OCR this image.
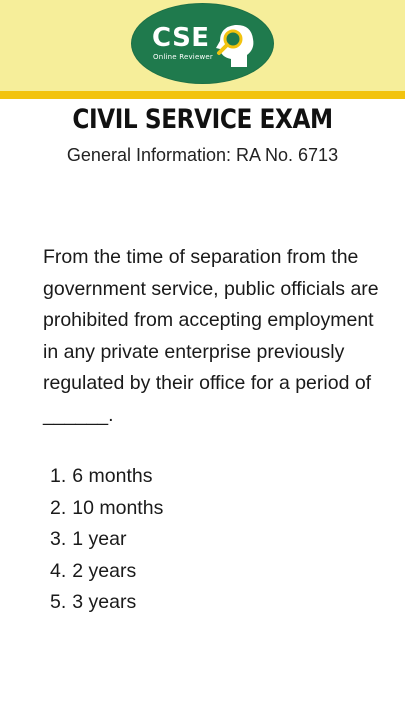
CSE
Online Reviewer
CIVIL SERVICE EXAM
General Information: RA No. 6713
From the time of separation from the government service, public officials are prohibited from accepting employment in any private enterprise previously regulated by their office for a period of ______.
1. 6 months
2. 10 months
3. 1 year
4. 2 years
5. 3 years
